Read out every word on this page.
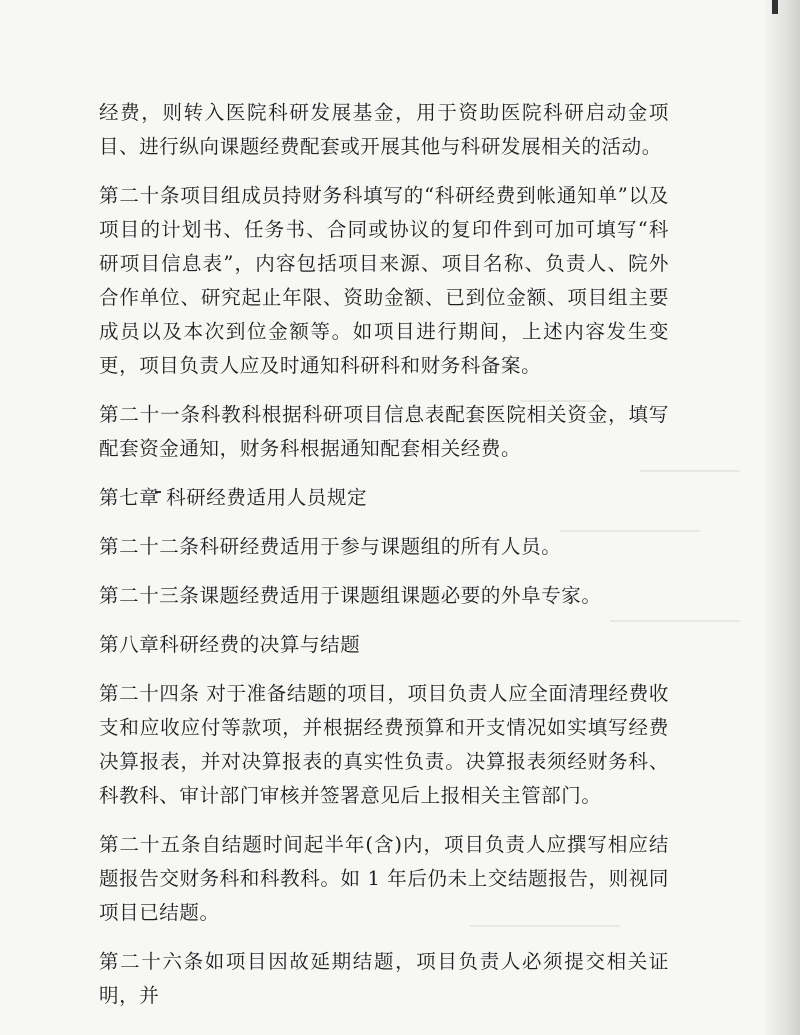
经费，则转入医院科研发展基金，用于资助医院科研启动金项目、进行纵向课题经费配套或开展其他与科研发展相关的活动。

第二十条项目组成员持财务科填写的“科研经费到帐通知单”以及项目的计划书、任务书、合同或协议的复印件到可加可填写“科研项目信息表”，内容包括项目来源、项目名称、负责人、院外合作单位、研究起止年限、资助金额、已到位金额、项目组主要成员以及本次到位金额等。如项目进行期间，上述内容发生变更，项目负责人应及时通知科研科和财务科备案。

第二十一条科教科根据科研项目信息表配套医院相关资金，填写配套资金通知，财务科根据通知配套相关经费。

第七章 科研经费适用人员规定

第二十二条科研经费适用于参与课题组的所有人员。

第二十三条课题经费适用于课题组课题必要的外阜专家。

第八章科研经费的决算与结题

第二十四条 对于准备结题的项目，项目负责人应全面清理经费收支和应收应付等款项，并根据经费预算和开支情况如实填写经费决算报表，并对决算报表的真实性负责。决算报表须经财务科、科教科、审计部门审核并签署意见后上报相关主管部门。

第二十五条自结题时间起半年(含)内，项目负责人应撰写相应结题报告交财务科和科教科。如 1 年后仍未上交结题报告，则视同项目已结题。

第二十六条如项目因故延期结题，项目负责人必须提交相关证明，并
